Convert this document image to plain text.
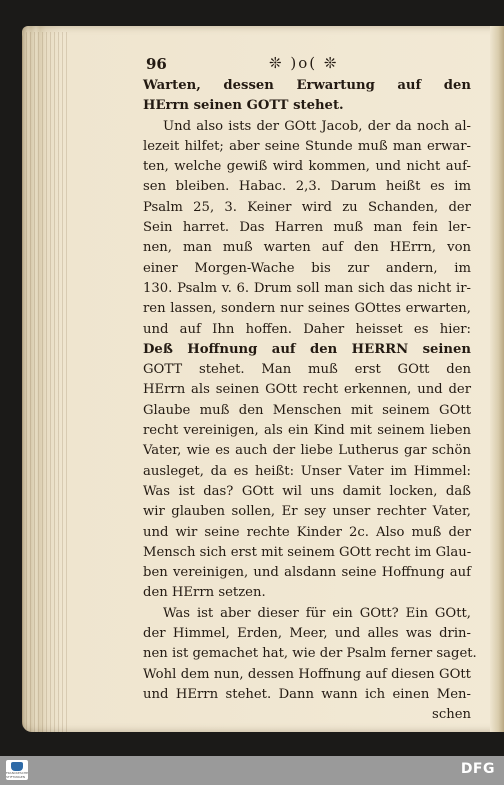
96	❊ )o( ❊
Warten, dessen Erwartung auf den
HErrn seinen GOTT stehet.
Und also ists der GOtt Jacob, der da noch al-
lezeit hilfet; aber seine Stunde muß man erwar-
ten, welche gewiß wird kommen, und nicht auf-
sen bleiben. Habac. 2,3. Darum heißt es im
Psalm 25, 3. Keiner wird zu Schanden, der
Sein harret. Das Harren muß man fein ler-
nen, man muß warten auf den HErrn, von
einer Morgen-Wache bis zur andern, im
130. Psalm v. 6. Drum soll man sich das nicht ir-
ren lassen, sondern nur seines GOttes erwarten,
und auf Ihn hoffen. Daher heisset es hier:
Deß Hoffnung auf den HERRN seinen
GOTT stehet. Man muß erst GOtt den
HErrn als seinen GOtt recht erkennen, und der
Glaube muß den Menschen mit seinem GOtt
recht vereinigen, als ein Kind mit seinem lieben
Vater, wie es auch der liebe Lutherus gar schön
ausleget, da es heißt: Unser Vater im Himmel:
Was ist das? GOtt wil uns damit locken, daß
wir glauben sollen, Er sey unser rechter Vater,
und wir seine rechte Kinder 2c. Also muß der
Mensch sich erst mit seinem GOtt recht im Glau-
ben vereinigen, und alsdann seine Hoffnung auf
den HErrn setzen.
Was ist aber dieser für ein GOtt? Ein GOtt,
der Himmel, Erden, Meer, und alles was drin-
nen ist gemachet hat, wie der Psalm ferner saget.
Wohl dem nun, dessen Hoffnung auf diesen GOtt
und HErrn stehet. Dann wann ich einen Men-
schen
FRANCKESCHE STIFTUNGEN	DFG
